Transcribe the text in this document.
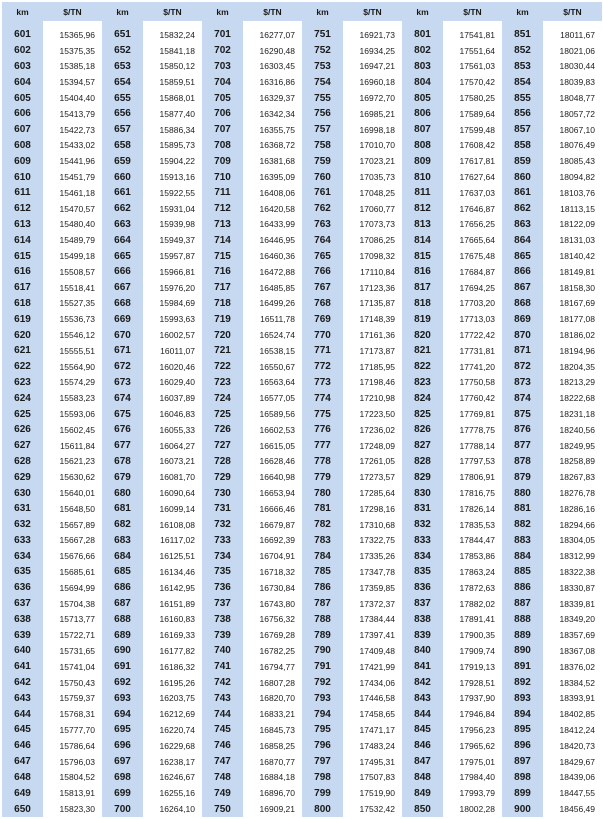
km	$/TN	km	$/TN	km	$/TN	km	$/TN	km	$/TN	km	$/TN

601	15365,96	651	15832,24	701	16277,07	751	16921,73	801	17541,81	851	18011,67
602	15375,35	652	15841,18	702	16290,48	752	16934,25	802	17551,64	852	18021,06
603	15385,18	653	15850,12	703	16303,45	753	16947,21	803	17561,03	853	18030,44
604	15394,57	654	15859,51	704	16316,86	754	16960,18	804	17570,42	854	18039,83
605	15404,40	655	15868,01	705	16329,37	755	16972,70	805	17580,25	855	18048,77
606	15413,79	656	15877,40	706	16342,34	756	16985,21	806	17589,64	856	18057,72
607	15422,73	657	15886,34	707	16355,75	757	16998,18	807	17599,48	857	18067,10
608	15433,02	658	15895,73	708	16368,72	758	17010,70	808	17608,42	858	18076,49
609	15441,96	659	15904,22	709	16381,68	759	17023,21	809	17617,81	859	18085,43
610	15451,79	660	15913,16	710	16395,09	760	17035,73	810	17627,64	860	18094,82
611	15461,18	661	15922,55	711	16408,06	761	17048,25	811	17637,03	861	18103,76
612	15470,57	662	15931,04	712	16420,58	762	17060,77	812	17646,87	862	18113,15
613	15480,40	663	15939,98	713	16433,99	763	17073,73	813	17656,25	863	18122,09
614	15489,79	664	15949,37	714	16446,95	764	17086,25	814	17665,64	864	18131,03
615	15499,18	665	15957,87	715	16460,36	765	17098,32	815	17675,48	865	18140,42
616	15508,57	666	15966,81	716	16472,88	766	17110,84	816	17684,87	866	18149,81
617	15518,41	667	15976,20	717	16485,85	767	17123,36	817	17694,25	867	18158,30
618	15527,35	668	15984,69	718	16499,26	768	17135,87	818	17703,20	868	18167,69
619	15536,73	669	15993,63	719	16511,78	769	17148,39	819	17713,03	869	18177,08
620	15546,12	670	16002,57	720	16524,74	770	17161,36	820	17722,42	870	18186,02
621	15555,51	671	16011,07	721	16538,15	771	17173,87	821	17731,81	871	18194,96
622	15564,90	672	16020,46	722	16550,67	772	17185,95	822	17741,20	872	18204,35
623	15574,29	673	16029,40	723	16563,64	773	17198,46	823	17750,58	873	18213,29
624	15583,23	674	16037,89	724	16577,05	774	17210,98	824	17760,42	874	18222,68
625	15593,06	675	16046,83	725	16589,56	775	17223,50	825	17769,81	875	18231,18
626	15602,45	676	16055,33	726	16602,53	776	17236,02	826	17778,75	876	18240,56
627	15611,84	677	16064,27	727	16615,05	777	17248,09	827	17788,14	877	18249,95
628	15621,23	678	16073,21	728	16628,46	778	17261,05	828	17797,53	878	18258,89
629	15630,62	679	16081,70	729	16640,98	779	17273,57	829	17806,91	879	18267,83
630	15640,01	680	16090,64	730	16653,94	780	17285,64	830	17816,75	880	18276,78
631	15648,50	681	16099,14	731	16666,46	781	17298,16	831	17826,14	881	18286,16
632	15657,89	682	16108,08	732	16679,87	782	17310,68	832	17835,53	882	18294,66
633	15667,28	683	16117,02	733	16692,39	783	17322,75	833	17844,47	883	18304,05
634	15676,66	684	16125,51	734	16704,91	784	17335,26	834	17853,86	884	18312,99
635	15685,61	685	16134,46	735	16718,32	785	17347,78	835	17863,24	885	18322,38
636	15694,99	686	16142,95	736	16730,84	786	17359,85	836	17872,63	886	18330,87
637	15704,38	687	16151,89	737	16743,80	787	17372,37	837	17882,02	887	18339,81
638	15713,77	688	16160,83	738	16756,32	788	17384,44	838	17891,41	888	18349,20
639	15722,71	689	16169,33	739	16769,28	789	17397,41	839	17900,35	889	18357,69
640	15731,65	690	16177,82	740	16782,25	790	17409,48	840	17909,74	890	18367,08
641	15741,04	691	16186,32	741	16794,77	791	17421,99	841	17919,13	891	18376,02
642	15750,43	692	16195,26	742	16807,28	792	17434,06	842	17928,51	892	18384,52
643	15759,37	693	16203,75	743	16820,70	793	17446,58	843	17937,90	893	18393,91
644	15768,31	694	16212,69	744	16833,21	794	17458,65	844	17946,84	894	18402,85
645	15777,70	695	16220,74	745	16845,73	795	17471,17	845	17956,23	895	18412,24
646	15786,64	696	16229,68	746	16858,25	796	17483,24	846	17965,62	896	18420,73
647	15796,03	697	16238,17	747	16870,77	797	17495,31	847	17975,01	897	18429,67
648	15804,52	698	16246,67	748	16884,18	798	17507,83	848	17984,40	898	18439,06
649	15813,91	699	16255,16	749	16896,70	799	17519,90	849	17993,79	899	18447,55
650	15823,30	700	16264,10	750	16909,21	800	17532,42	850	18002,28	900	18456,49
